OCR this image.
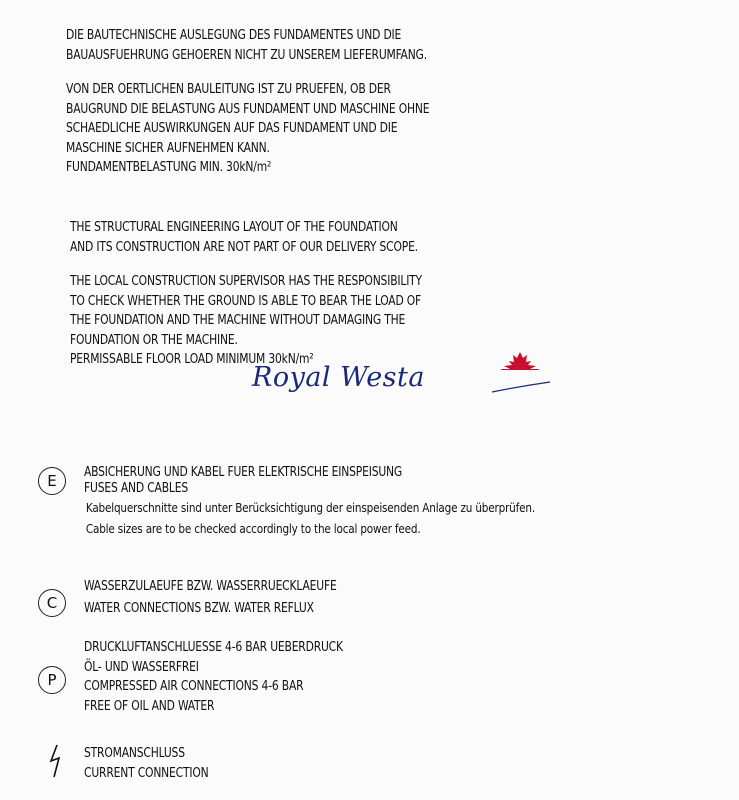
DIE BAUTECHNISCHE AUSLEGUNG DES FUNDAMENTES UND DIE
BAUAUSFUEHRUNG GEHOEREN NICHT ZU UNSEREM LIEFERUMFANG.
VON DER OERTLICHEN BAULEITUNG IST ZU PRUEFEN, OB DER
BAUGRUND DIE BELASTUNG AUS FUNDAMENT UND MASCHINE OHNE
SCHAEDLICHE AUSWIRKUNGEN AUF DAS FUNDAMENT UND DIE
MASCHINE SICHER AUFNEHMEN KANN.
FUNDAMENTBELASTUNG MIN. 30kN/m²
THE STRUCTURAL ENGINEERING LAYOUT OF THE FOUNDATION
AND ITS CONSTRUCTION ARE NOT PART OF OUR DELIVERY SCOPE.
THE LOCAL CONSTRUCTION SUPERVISOR HAS THE RESPONSIBILITY
TO CHECK WHETHER THE GROUND IS ABLE TO BEAR THE LOAD OF
THE FOUNDATION AND THE MACHINE WITHOUT DAMAGING THE
FOUNDATION OR THE MACHINE.
PERMISSABLE FLOOR LOAD MINIMUM 30kN/m²
Royal Westa
E	ABSICHERUNG UND KABEL FUER ELEKTRISCHE EINSPEISUNG
FUSES AND CABLES
Kabelquerschnitte sind unter Berücksichtigung der einspeisenden Anlage zu überprüfen.
Cable sizes are to be checked accordingly to the local power feed.
C
WASSERZULAEUFE BZW. WASSERRUECKLAEUFE
WATER CONNECTIONS BZW. WATER REFLUX
P
DRUCKLUFTANSCHLUESSE 4-6 BAR UEBERDRUCK
ÖL- UND WASSERFREI
COMPRESSED AIR CONNECTIONS 4-6 BAR
FREE OF OIL AND WATER
STROMANSCHLUSS
CURRENT CONNECTION
